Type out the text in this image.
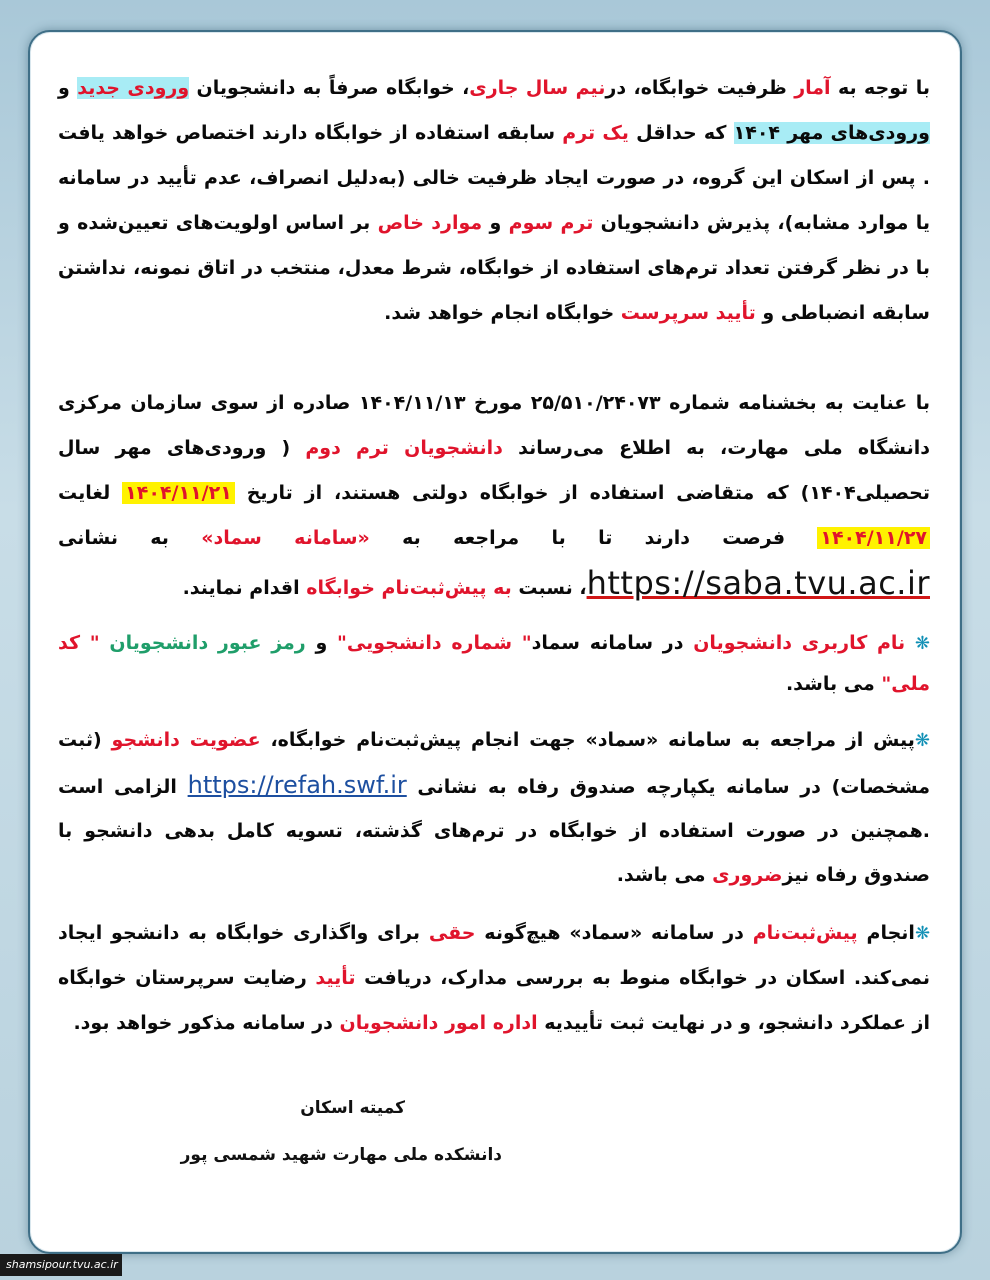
با توجه به آمار ظرفیت خوابگاه، درنیم سال جاری، خوابگاه صرفاً به دانشجویان ورودی جدید و ورودی‌های مهر ۱۴۰۴ که حداقل یک ترم سابقه استفاده از خوابگاه دارند اختصاص خواهد یافت . پس از اسکان این گروه، در صورت ایجاد ظرفیت خالی (به‌دلیل انصراف، عدم تأیید در سامانه یا موارد مشابه)، پذیرش دانشجویان ترم سوم و موارد خاص بر اساس اولویت‌های تعیین‌شده و با در نظر گرفتن تعداد ترم‌های استفاده از خوابگاه، شرط معدل، منتخب در اتاق نمونه، نداشتن سابقه انضباطی و تأیید سرپرست خوابگاه انجام خواهد شد.

با عنایت به بخشنامه شماره ۲۵/۵۱۰/۲۴۰۷۳ مورخ ۱۴۰۴/۱۱/۱۳ صادره از سوی سازمان مرکزی دانشگاه ملی مهارت، به اطلاع می‌رساند دانشجویان ترم دوم ( ورودی‌های مهر سال تحصیلی۱۴۰۴) که متقاضی استفاده از خوابگاه دولتی هستند، از تاریخ ۱۴۰۴/۱۱/۲۱ لغایت ۱۴۰۴/۱۱/۲۷ فرصت دارند تا با مراجعه به «سامانه سماد» به نشانی https://saba.tvu.ac.ir، نسبت به پیش‌ثبت‌نام خوابگاه اقدام نمایند.

❋ نام کاربری دانشجویان در سامانه سماد" شماره دانشجویی" و رمز عبور دانشجویان " کد ملی" می باشد.

❋پیش از مراجعه به سامانه «سماد» جهت انجام پیش‌ثبت‌نام خوابگاه، عضویت دانشجو (ثبت مشخصات) در سامانه یکپارچه صندوق رفاه به نشانی https://refah.swf.ir الزامی است .همچنین در صورت استفاده از خوابگاه در ترم‌های گذشته، تسویه کامل بدهی دانشجو با صندوق رفاه نیزضروری می باشد.

❋انجام پیش‌ثبت‌نام در سامانه «سماد» هیچ‌گونه حقی برای واگذاری خوابگاه به دانشجو ایجاد نمی‌کند. اسکان در خوابگاه منوط به بررسی مدارک، دریافت تأیید رضایت سرپرستان خوابگاه از عملکرد دانشجو، و در نهایت ثبت تأییدیه اداره امور دانشجویان در سامانه مذکور خواهد بود.

کمیته اسکان
دانشکده ملی مهارت شهید شمسی پور
shamsipour.tvu.ac.ir
